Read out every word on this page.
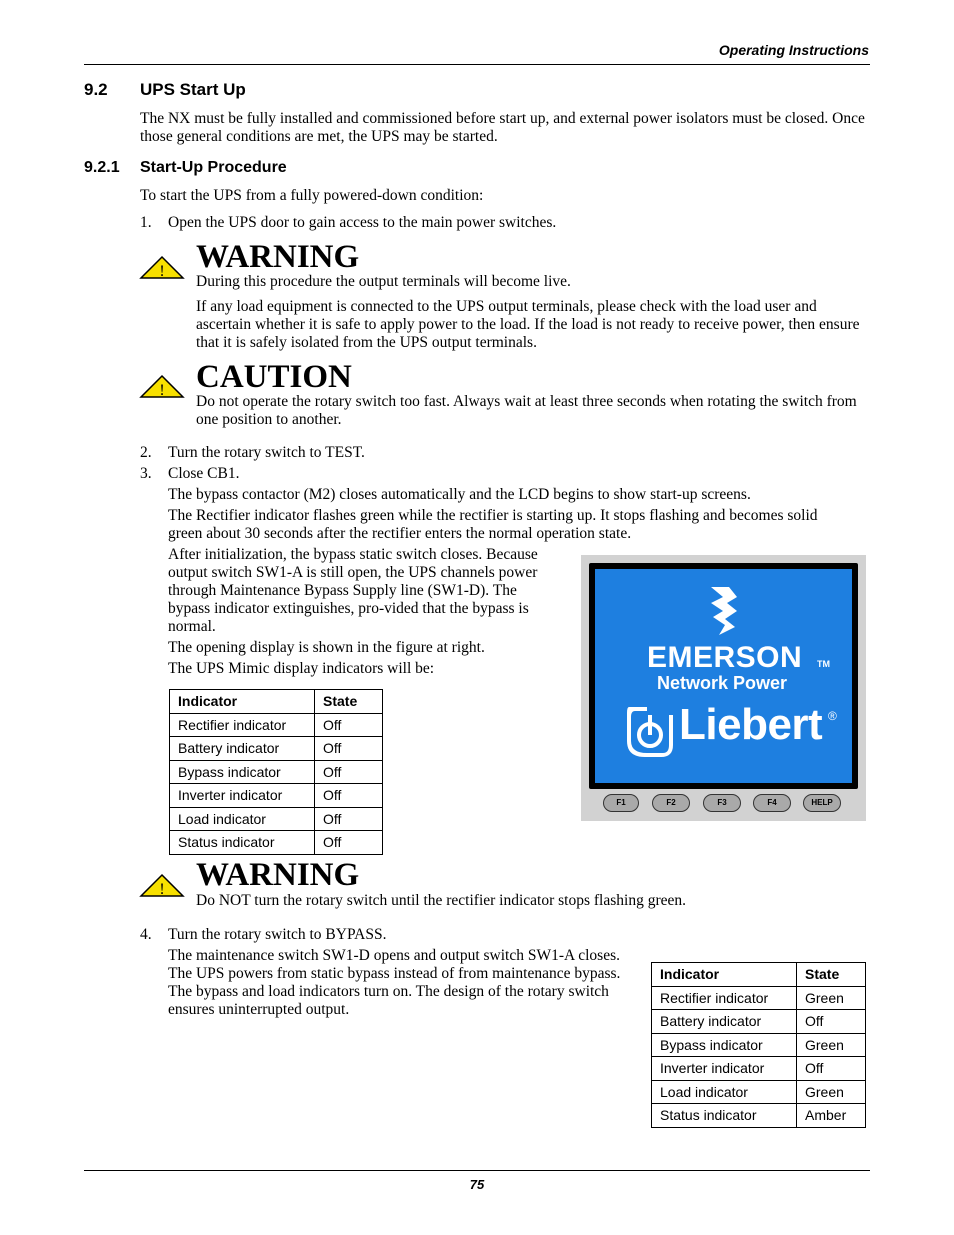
Operating Instructions
9.2 UPS Start Up
The NX must be fully installed and commissioned before start up, and external power isolators must be closed. Once those general conditions are met, the UPS may be started.
9.2.1 Start-Up Procedure
To start the UPS from a fully powered-down condition:
1. Open the UPS door to gain access to the main power switches.
! WARNING
During this procedure the output terminals will become live.
If any load equipment is connected to the UPS output terminals, please check with the load user and ascertain whether it is safe to apply power to the load. If the load is not ready to receive power, then ensure that it is safely isolated from the UPS output terminals.
! CAUTION
Do not operate the rotary switch too fast. Always wait at least three seconds when rotating the switch from one position to another.
2. Turn the rotary switch to TEST.
3. Close CB1.
The bypass contactor (M2) closes automatically and the LCD begins to show start-up screens.
The Rectifier indicator flashes green while the rectifier is starting up. It stops flashing and becomes solid green about 30 seconds after the rectifier enters the normal operation state.
After initialization, the bypass static switch closes. Because output switch SW1-A is still open, the UPS channels power through Maintenance Bypass Supply line (SW1-D). The bypass indicator extinguishes, pro-vided that the bypass is normal.
The opening display is shown in the figure at right.
The UPS Mimic display indicators will be:
Indicator	State
Rectifier indicator	Off
Battery indicator	Off
Bypass indicator	Off
Inverter indicator	Off
Load indicator	Off
Status indicator	Off
EMERSON TM
Network Power
Liebert ®
F1	F2	F3	F4	HELP
! WARNING
Do NOT turn the rotary switch until the rectifier indicator stops flashing green.
4. Turn the rotary switch to BYPASS.
The maintenance switch SW1-D opens and output switch SW1-A closes. The UPS powers from static bypass instead of from maintenance bypass. The bypass and load indicators turn on. The design of the rotary switch ensures uninterrupted output.
Indicator	State
Rectifier indicator	Green
Battery indicator	Off
Bypass indicator	Green
Inverter indicator	Off
Load indicator	Green
Status indicator	Amber
75
